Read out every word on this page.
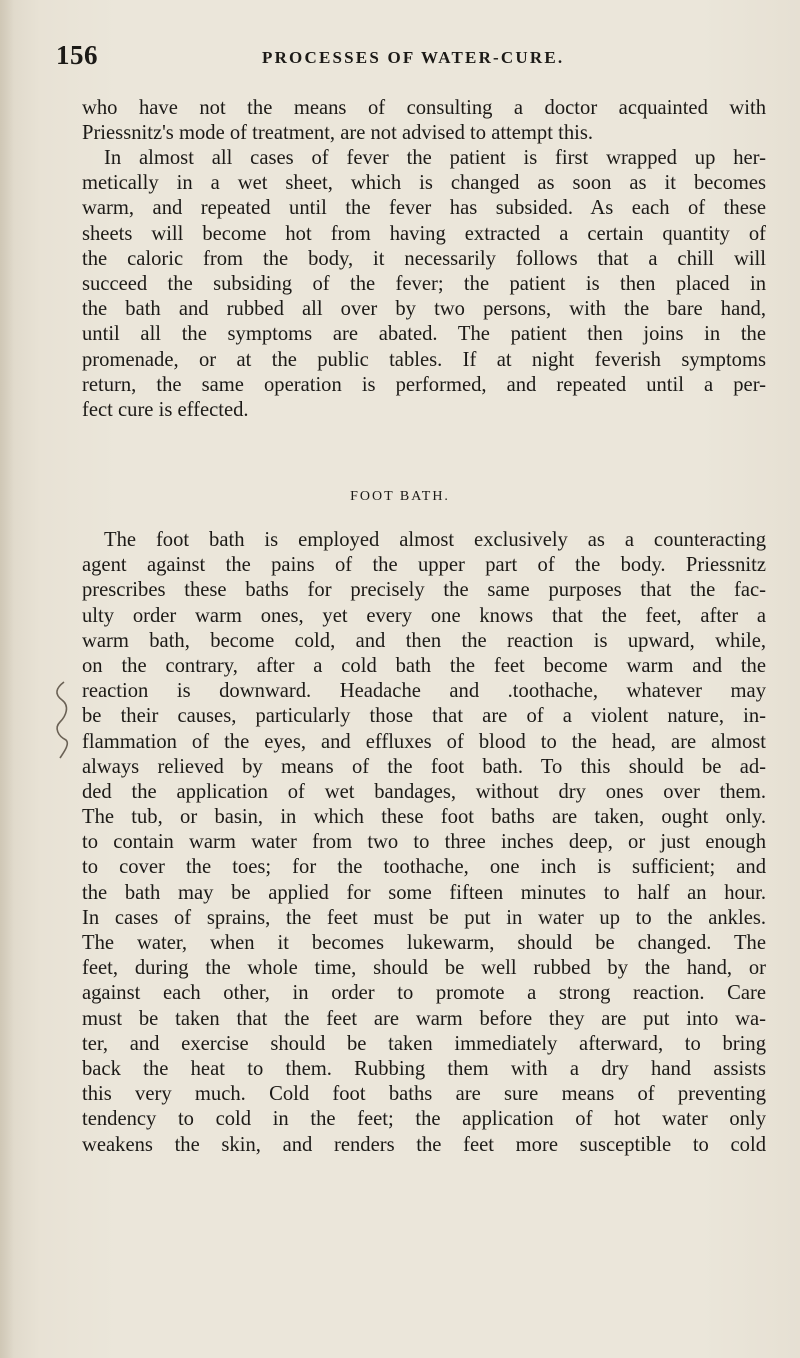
156	PROCESSES OF WATER-CURE.
who have not the means of consulting a doctor acquainted with
Priessnitz's mode of treatment, are not advised to attempt this.
In almost all cases of fever the patient is first wrapped up her-
metically in a wet sheet, which is changed as soon as it becomes
warm, and repeated until the fever has subsided. As each of these
sheets will become hot from having extracted a certain quantity of
the caloric from the body, it necessarily follows that a chill will
succeed the subsiding of the fever; the patient is then placed in
the bath and rubbed all over by two persons, with the bare hand,
until all the symptoms are abated. The patient then joins in the
promenade, or at the public tables. If at night feverish symptoms
return, the same operation is performed, and repeated until a per-
fect cure is effected.
FOOT BATH.
The foot bath is employed almost exclusively as a counteracting
agent against the pains of the upper part of the body. Priessnitz
prescribes these baths for precisely the same purposes that the fac-
ulty order warm ones, yet every one knows that the feet, after a
warm bath, become cold, and then the reaction is upward, while,
on the contrary, after a cold bath the feet become warm and the
reaction is downward. Headache and .toothache, whatever may
be their causes, particularly those that are of a violent nature, in-
flammation of the eyes, and effluxes of blood to the head, are almost
always relieved by means of the foot bath. To this should be ad-
ded the application of wet bandages, without dry ones over them.
The tub, or basin, in which these foot baths are taken, ought only.
to contain warm water from two to three inches deep, or just enough
to cover the toes; for the toothache, one inch is sufficient; and
the bath may be applied for some fifteen minutes to half an hour.
In cases of sprains, the feet must be put in water up to the ankles.
The water, when it becomes lukewarm, should be changed. The
feet, during the whole time, should be well rubbed by the hand, or
against each other, in order to promote a strong reaction. Care
must be taken that the feet are warm before they are put into wa-
ter, and exercise should be taken immediately afterward, to bring
back the heat to them. Rubbing them with a dry hand assists
this very much. Cold foot baths are sure means of preventing
tendency to cold in the feet; the application of hot water only
weakens the skin, and renders the feet more susceptible to cold
